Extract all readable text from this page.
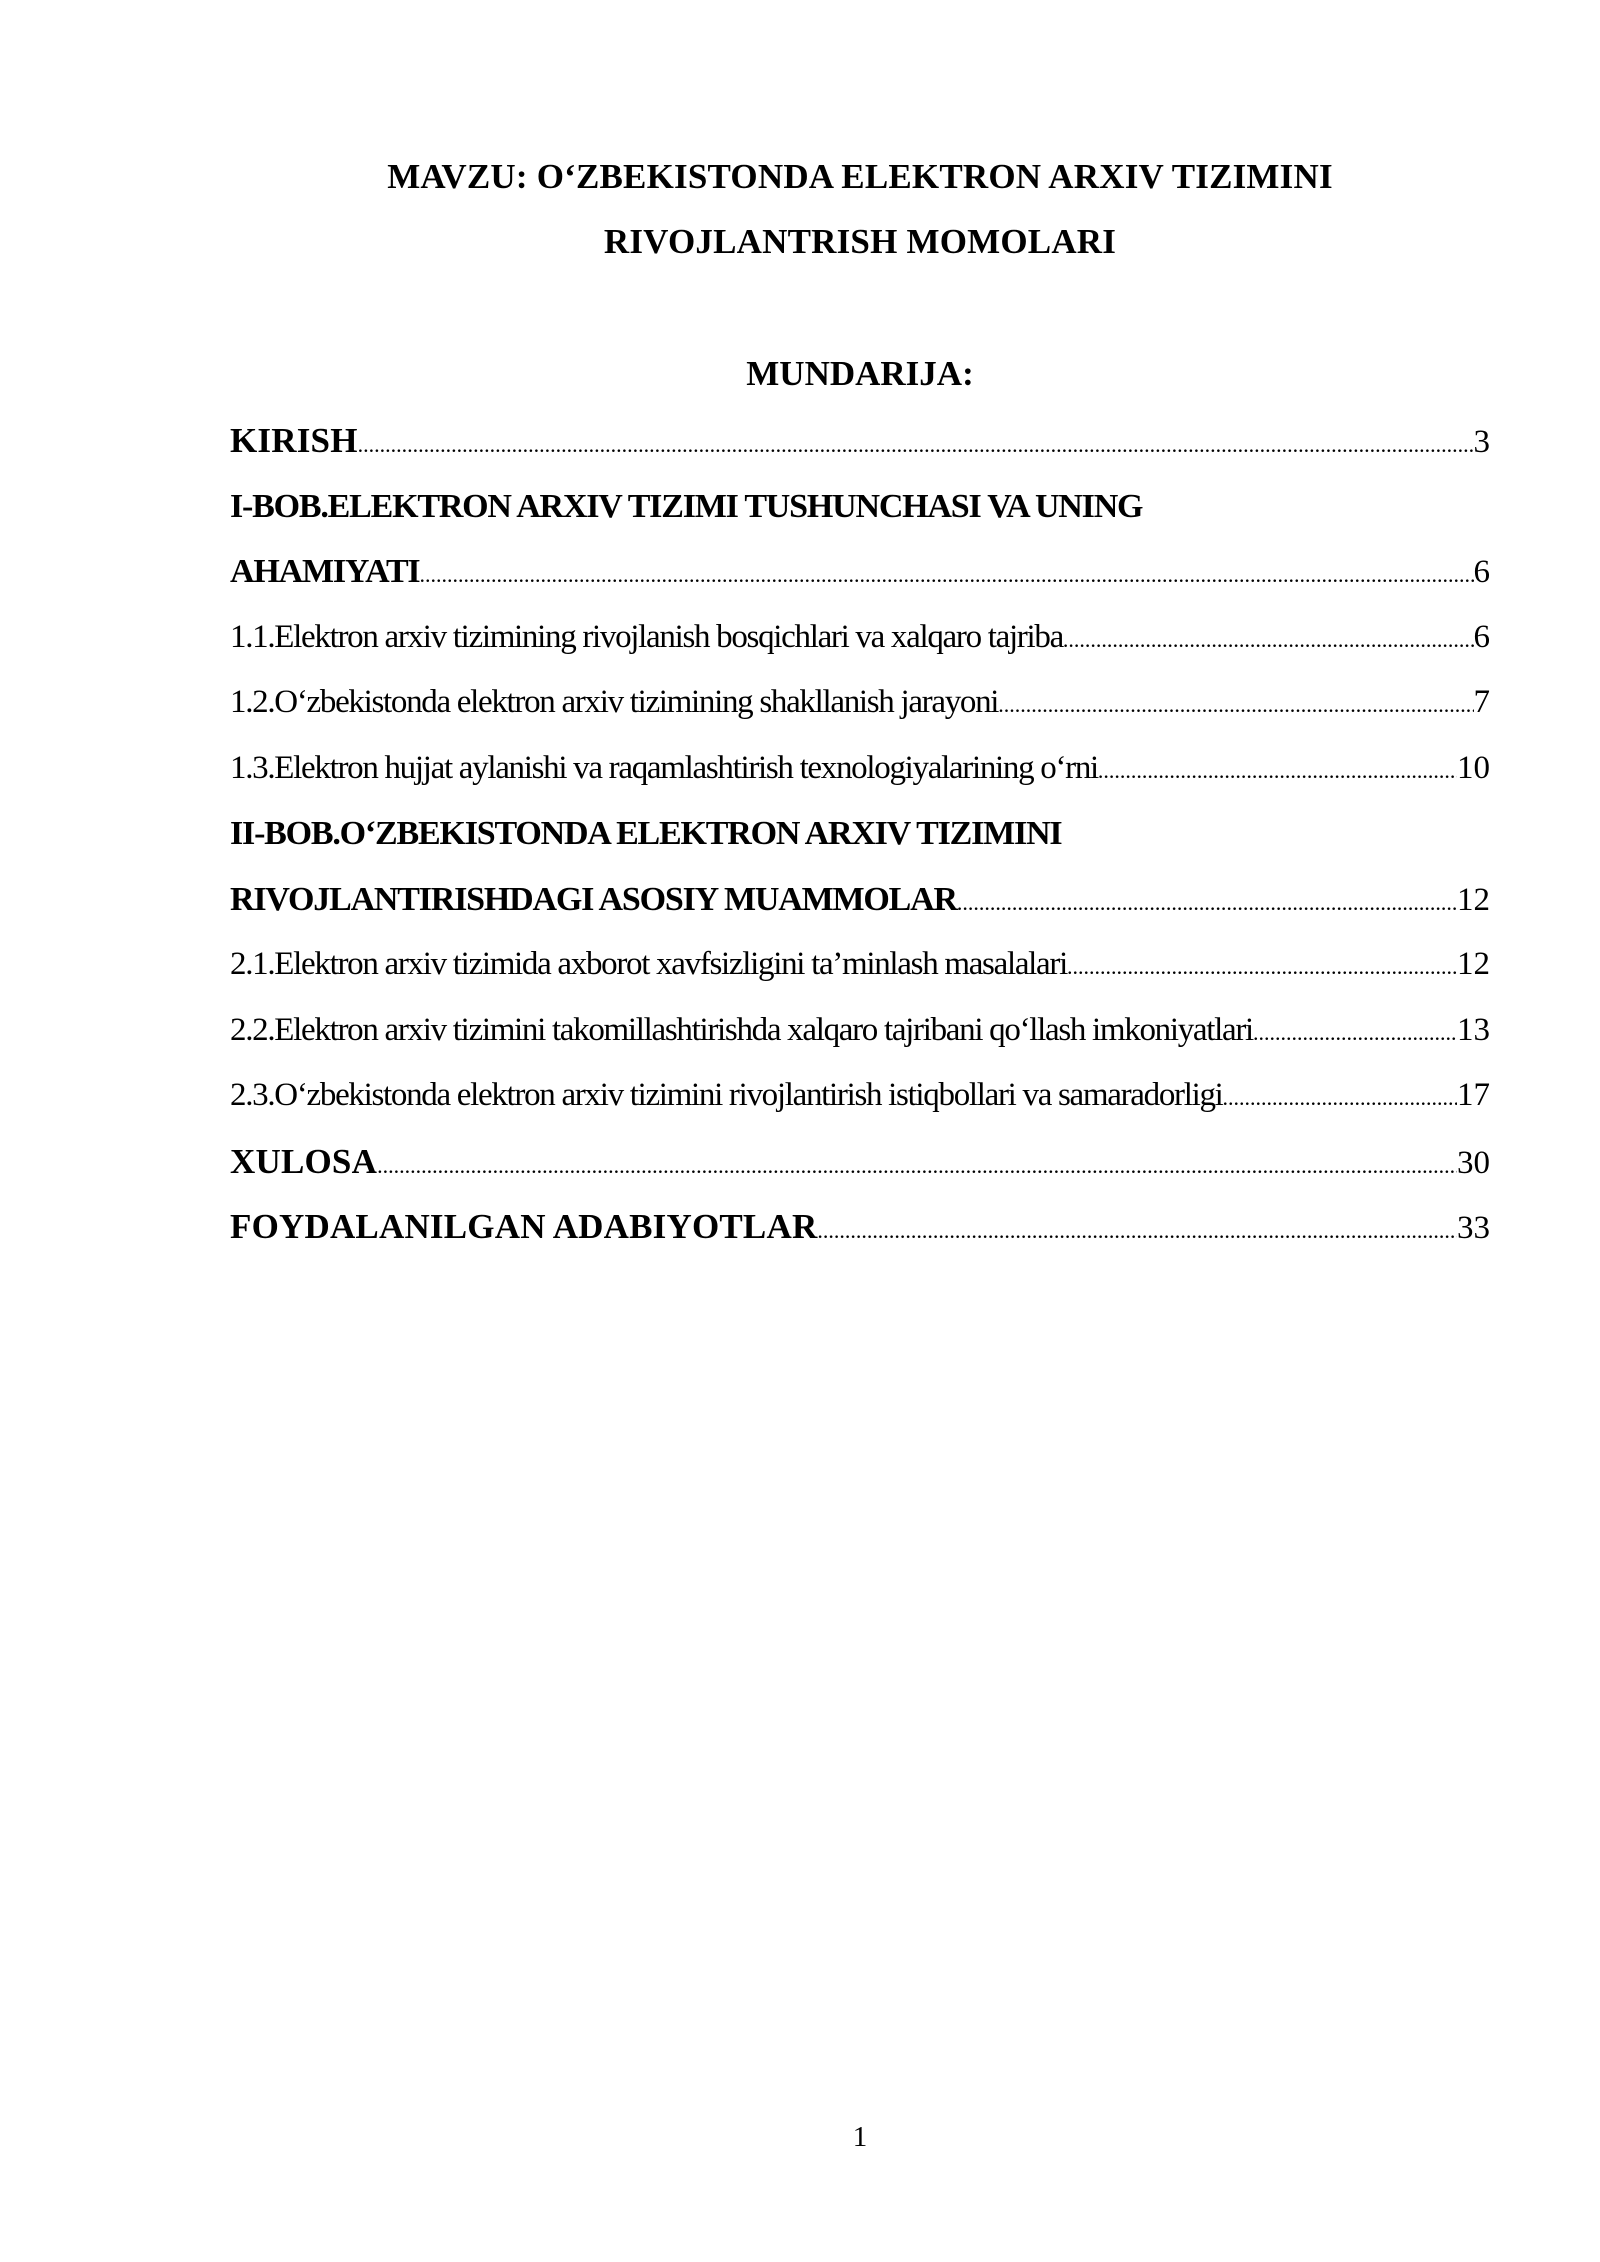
MAVZU: O‘ZBEKISTONDA ELEKTRON ARXIV TIZIMINI
RIVOJLANTRISH MOMOLARI
MUNDARIJA:
KIRISH .....	3
I-BOB.ELEKTRON ARXIV TIZIMI TUSHUNCHASI VA UNING
AHAMIYATI .....	6
1.1.Elektron arxiv tizimining rivojlanish bosqichlari va xalqaro tajriba .....	6
1.2.O‘zbekistonda elektron arxiv tizimining shakllanish jarayoni .....	7
1.3.Elektron hujjat aylanishi va raqamlashtirish texnologiyalarining o‘rni .....	10
II-BOB.O‘ZBEKISTONDA ELEKTRON ARXIV TIZIMINI
RIVOJLANTIRISHDAGI ASOSIY MUAMMOLAR .....	12
2.1.Elektron arxiv tizimida axborot xavfsizligini ta’minlash masalalari .....	12
2.2.Elektron arxiv tizimini takomillashtirishda xalqaro tajribani qo‘llash imkoniyatlari .....	13
2.3.O‘zbekistonda elektron arxiv tizimini rivojlantirish istiqbollari va samaradorligi .....	17
XULOSA .....	30
FOYDALANILGAN ADABIYOTLAR .....	33
1
